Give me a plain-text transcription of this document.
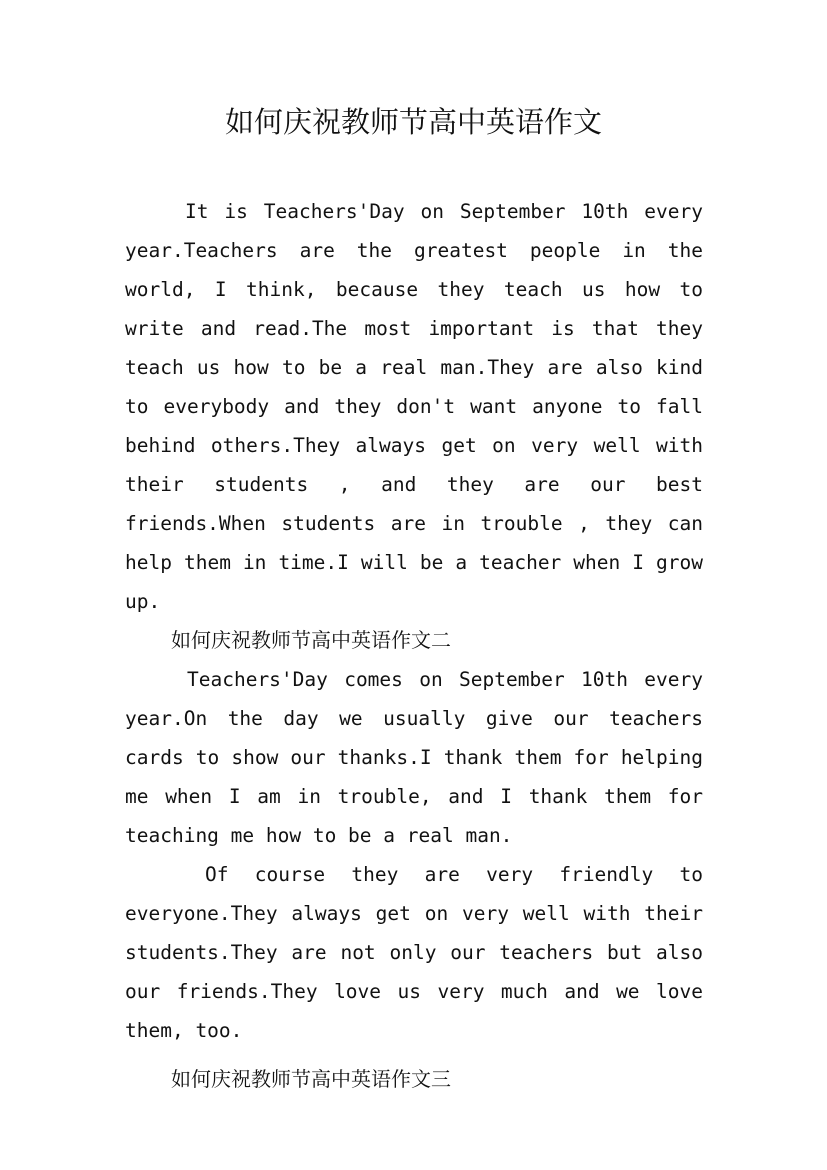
如何庆祝教师节高中英语作文

It is Teachers'Day on September 10th every year.Teachers are the greatest people in the world, I think, because they teach us how to write and read.The most important is that they teach us how to be a real man.They are also kind to everybody and they don't want anyone to fall behind others.They always get on very well with their students , and they are our best friends.When students are in trouble , they can help them in time.I will be a teacher when I grow up.

如何庆祝教师节高中英语作文二

Teachers'Day comes on September 10th every year.On the day we usually give our teachers cards to show our thanks.I thank them for helping me when I am in trouble, and I thank them for teaching me how to be a real man.

Of course they are very friendly to everyone.They always get on very well with their students.They are not only our teachers but also our friends.They love us very much and we love them, too.

如何庆祝教师节高中英语作文三
